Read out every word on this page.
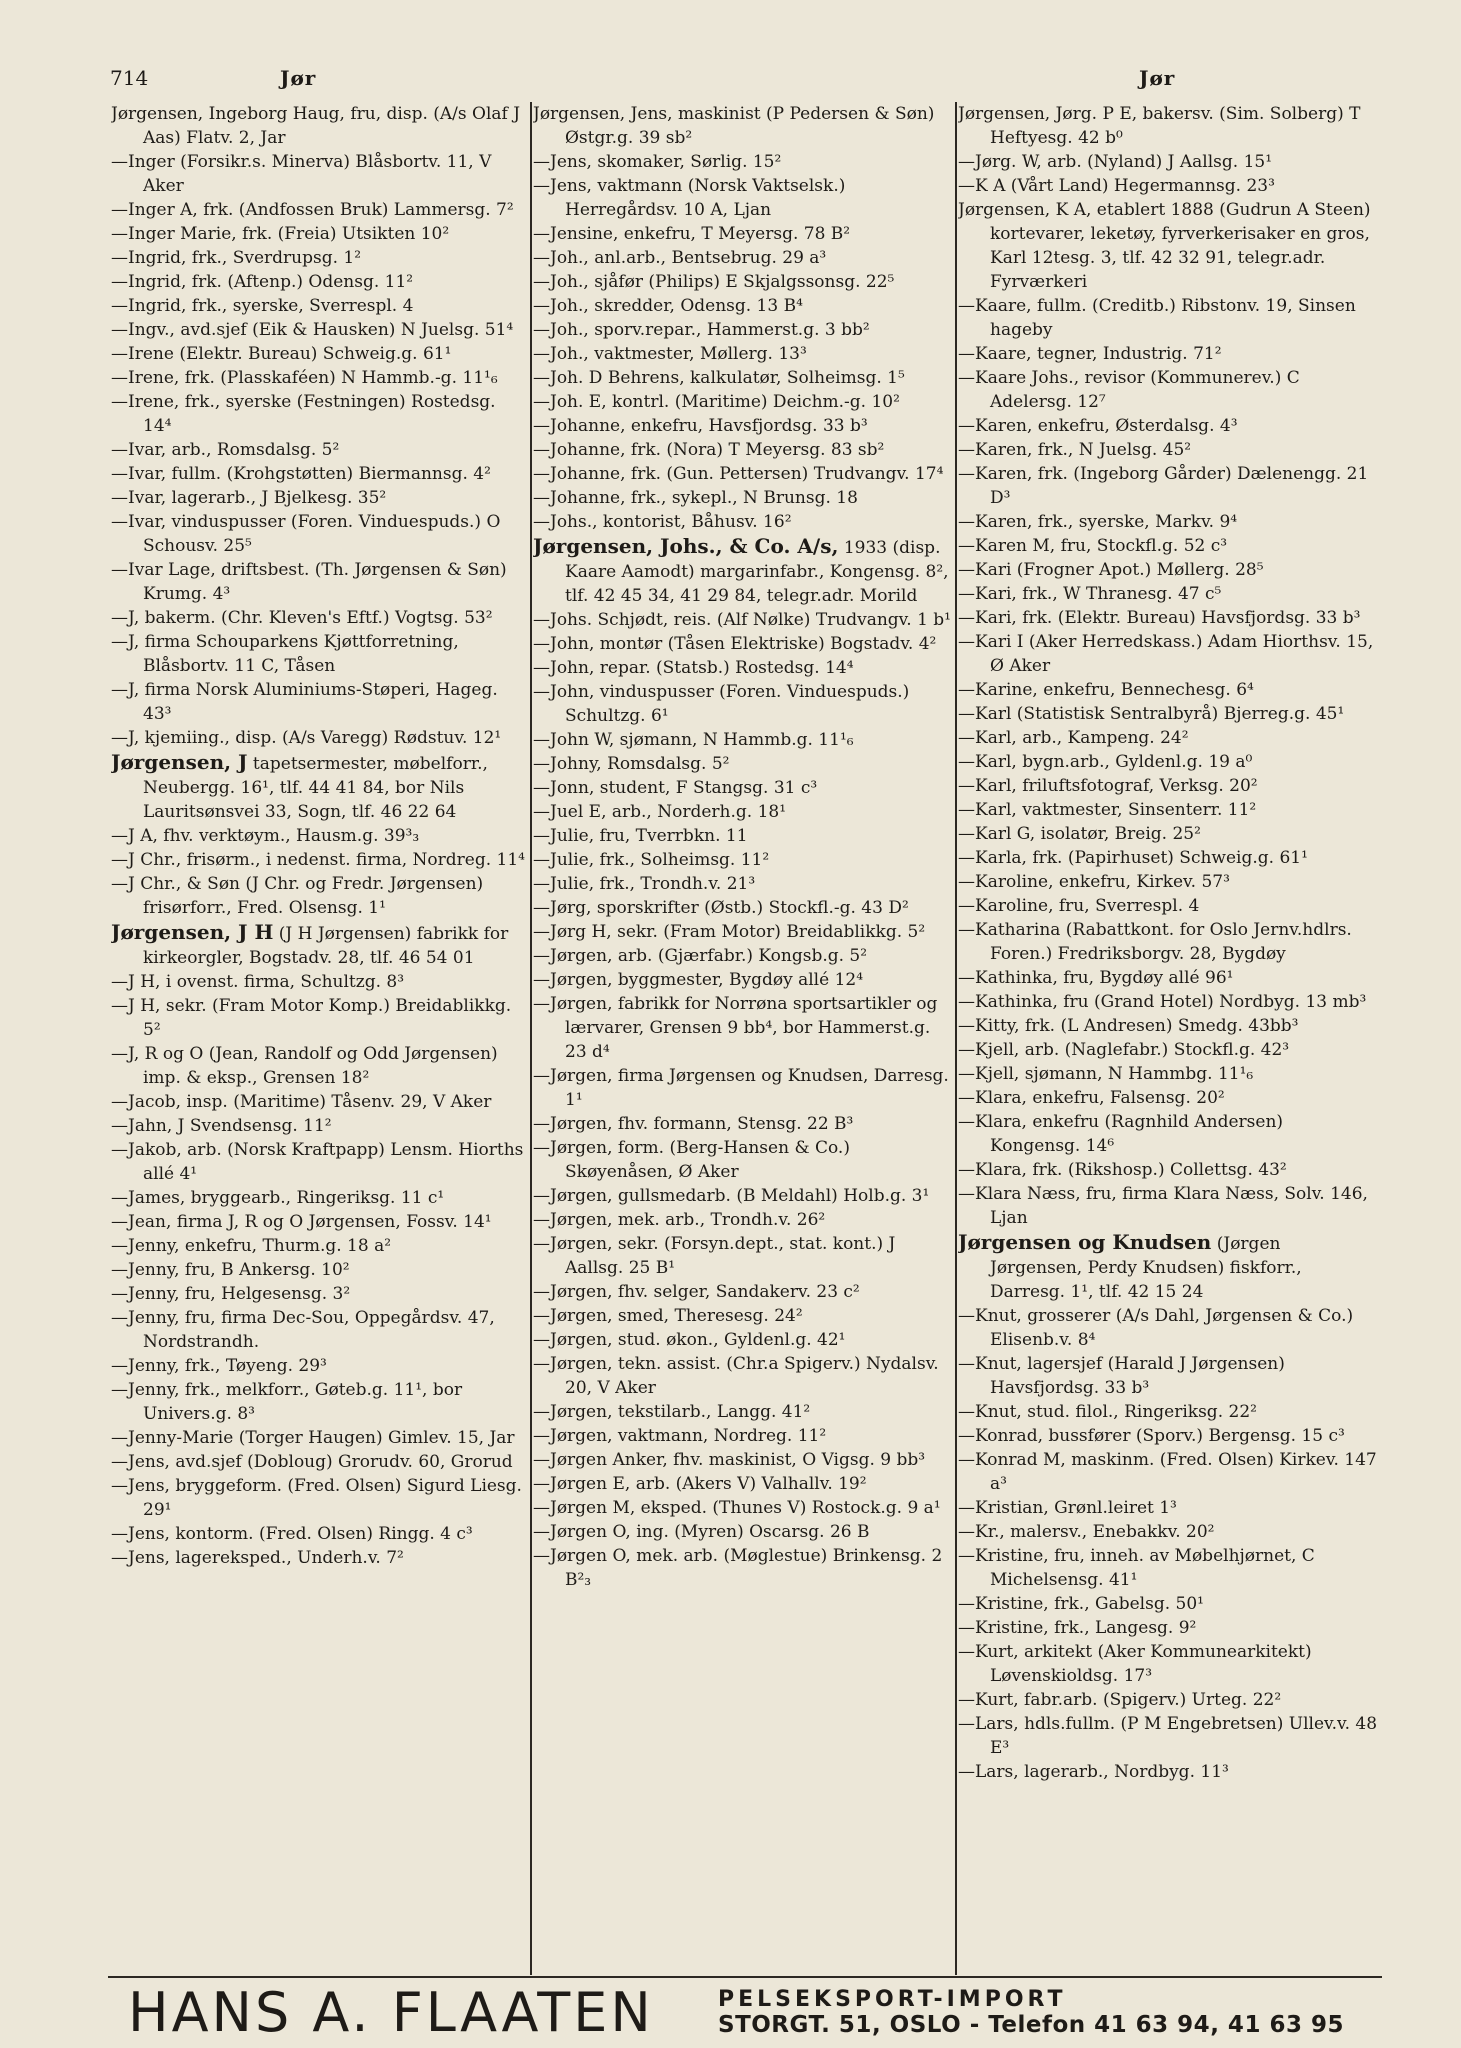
714	Jør	Jør

Jørgensen, Ingeborg Haug, fru, disp. (A/s Olaf J Aas) Flatv. 2, Jar

—Inger (Forsikr.s. Minerva) Blåsbortv. 11, V Aker

—Inger A, frk. (Andfossen Bruk) Lammersg. 7²

—Inger Marie, frk. (Freia) Utsikten 10²

—Ingrid, frk., Sverdrupsg. 1²

—Ingrid, frk. (Aftenp.) Odensg. 11²

—Ingrid, frk., syerske, Sverrespl. 4

—Ingv., avd.sjef (Eik & Hausken) N Juelsg. 51⁴

—Irene (Elektr. Bureau) Schweig.g. 61¹

—Irene, frk. (Plasskaféen) N Hammb.-g. 11¹₆

—Irene, frk., syerske (Festningen) Rostedsg. 14⁴

—Ivar, arb., Romsdalsg. 5²

—Ivar, fullm. (Krohgstøtten) Biermannsg. 4²

—Ivar, lagerarb., J Bjelkesg. 35²

—Ivar, vinduspusser (Foren. Vinduespuds.) O Schousv. 25⁵

—Ivar Lage, driftsbest. (Th. Jørgensen & Søn) Krumg. 4³

—J, bakerm. (Chr. Kleven's Eftf.) Vogtsg. 53²

—J, firma Schouparkens Kjøttforretning, Blåsbortv. 11 C, Tåsen

—J, firma Norsk Aluminiums-Støperi, Hageg. 43³

—J, kjemiing., disp. (A/s Varegg) Rødstuv. 12¹

Jørgensen, J tapetsermester, møbelforr., Neubergg. 16¹, tlf. 44 41 84, bor Nils Lauritsønsvei 33, Sogn, tlf. 46 22 64

—J A, fhv. verktøym., Hausm.g. 39³₃

—J Chr., frisørm., i nedenst. firma, Nordreg. 11⁴

—J Chr., & Søn (J Chr. og Fredr. Jørgensen) frisørforr., Fred. Olsensg. 1¹

Jørgensen, J H (J H Jørgensen) fabrikk for kirkeorgler, Bogstadv. 28, tlf. 46 54 01

—J H, i ovenst. firma, Schultzg. 8³

—J H, sekr. (Fram Motor Komp.) Breidablikkg. 5²

—J, R og O (Jean, Randolf og Odd Jørgensen) imp. & eksp., Grensen 18²

—Jacob, insp. (Maritime) Tåsenv. 29, V Aker

—Jahn, J Svendsensg. 11²

—Jakob, arb. (Norsk Kraftpapp) Lensm. Hiorths allé 4¹

—James, bryggearb., Ringeriksg. 11 c¹

—Jean, firma J, R og O Jørgensen, Fossv. 14¹

—Jenny, enkefru, Thurm.g. 18 a²

—Jenny, fru, B Ankersg. 10²

—Jenny, fru, Helgesensg. 3²

—Jenny, fru, firma Dec-Sou, Oppegårdsv. 47, Nordstrandh.

—Jenny, frk., Tøyeng. 29³

—Jenny, frk., melkforr., Gøteb.g. 11¹, bor Univers.g. 8³

—Jenny-Marie (Torger Haugen) Gimlev. 15, Jar

—Jens, avd.sjef (Dobloug) Grorudv. 60, Grorud

—Jens, bryggeform. (Fred. Olsen) Sigurd Liesg. 29¹

—Jens, kontorm. (Fred. Olsen) Ringg. 4 c³

—Jens, lagereksped., Underh.v. 7²

Jørgensen, Jens, maskinist (P Pedersen & Søn) Østgr.g. 39 sb²

—Jens, skomaker, Sørlig. 15²

—Jens, vaktmann (Norsk Vaktselsk.) Herregårdsv. 10 A, Ljan

—Jensine, enkefru, T Meyersg. 78 B²

—Joh., anl.arb., Bentsebrug. 29 a³

—Joh., sjåfør (Philips) E Skjalgssonsg. 22⁵

—Joh., skredder, Odensg. 13 B⁴

—Joh., sporv.repar., Hammerst.g. 3 bb²

—Joh., vaktmester, Møllerg. 13³

—Joh. D Behrens, kalkulatør, Solheimsg. 1⁵

—Joh. E, kontrl. (Maritime) Deichm.-g. 10²

—Johanne, enkefru, Havsfjordsg. 33 b³

—Johanne, frk. (Nora) T Meyersg. 83 sb²

—Johanne, frk. (Gun. Pettersen) Trudvangv. 17⁴

—Johanne, frk., sykepl., N Brunsg. 18

—Johs., kontorist, Båhusv. 16²

Jørgensen, Johs., & Co. A/s, 1933 (disp. Kaare Aamodt) margarinfabr., Kongensg. 8², tlf. 42 45 34, 41 29 84, telegr.adr. Morild

—Johs. Schjødt, reis. (Alf Nølke) Trudvangv. 1 b¹

—John, montør (Tåsen Elektriske) Bogstadv. 4²

—John, repar. (Statsb.) Rostedsg. 14⁴

—John, vinduspusser (Foren. Vinduespuds.) Schultzg. 6¹

—John W, sjømann, N Hammb.g. 11¹₆

—Johny, Romsdalsg. 5²

—Jonn, student, F Stangsg. 31 c³

—Juel E, arb., Norderh.g. 18¹

—Julie, fru, Tverrbkn. 11

—Julie, frk., Solheimsg. 11²

—Julie, frk., Trondh.v. 21³

—Jørg, sporskrifter (Østb.) Stockfl.-g. 43 D²

—Jørg H, sekr. (Fram Motor) Breidablikkg. 5²

—Jørgen, arb. (Gjærfabr.) Kongsb.g. 5²

—Jørgen, byggmester, Bygdøy allé 12⁴

—Jørgen, fabrikk for Norrøna sportsartikler og lærvarer, Grensen 9 bb⁴, bor Hammerst.g. 23 d⁴

—Jørgen, firma Jørgensen og Knudsen, Darresg. 1¹

—Jørgen, fhv. formann, Stensg. 22 B³

—Jørgen, form. (Berg-Hansen & Co.) Skøyenåsen, Ø Aker

—Jørgen, gullsmedarb. (B Meldahl) Holb.g. 3¹

—Jørgen, mek. arb., Trondh.v. 26²

—Jørgen, sekr. (Forsyn.dept., stat. kont.) J Aallsg. 25 B¹

—Jørgen, fhv. selger, Sandakerv. 23 c²

—Jørgen, smed, Theresesg. 24²

—Jørgen, stud. økon., Gyldenl.g. 42¹

—Jørgen, tekn. assist. (Chr.a Spigerv.) Nydalsv. 20, V Aker

—Jørgen, tekstilarb., Langg. 41²

—Jørgen, vaktmann, Nordreg. 11²

—Jørgen Anker, fhv. maskinist, O Vigsg. 9 bb³

—Jørgen E, arb. (Akers V) Valhallv. 19²

—Jørgen M, eksped. (Thunes V) Rostock.g. 9 a¹

—Jørgen O, ing. (Myren) Oscarsg. 26 B

—Jørgen O, mek. arb. (Møglestue) Brinkensg. 2 B²₃

Jørgensen, Jørg. P E, bakersv. (Sim. Solberg) T Heftyesg. 42 b⁰

—Jørg. W, arb. (Nyland) J Aallsg. 15¹

—K A (Vårt Land) Hegermannsg. 23³

Jørgensen, K A, etablert 1888 (Gudrun A Steen) kortevarer, leketøy, fyrverkerisaker en gros, Karl 12tesg. 3, tlf. 42 32 91, telegr.adr. Fyrværkeri

—Kaare, fullm. (Creditb.) Ribstonv. 19, Sinsen hageby

—Kaare, tegner, Industrig. 71²

—Kaare Johs., revisor (Kommunerev.) C Adelersg. 12⁷

—Karen, enkefru, Østerdalsg. 4³

—Karen, frk., N Juelsg. 45²

—Karen, frk. (Ingeborg Gårder) Dælenengg. 21 D³

—Karen, frk., syerske, Markv. 9⁴

—Karen M, fru, Stockfl.g. 52 c³

—Kari (Frogner Apot.) Møllerg. 28⁵

—Kari, frk., W Thranesg. 47 c⁵

—Kari, frk. (Elektr. Bureau) Havsfjordsg. 33 b³

—Kari I (Aker Herredskass.) Adam Hiorthsv. 15, Ø Aker

—Karine, enkefru, Bennechesg. 6⁴

—Karl (Statistisk Sentralbyrå) Bjerreg.g. 45¹

—Karl, arb., Kampeng. 24²

—Karl, bygn.arb., Gyldenl.g. 19 a⁰

—Karl, friluftsfotograf, Verksg. 20²

—Karl, vaktmester, Sinsenterr. 11²

—Karl G, isolatør, Breig. 25²

—Karla, frk. (Papirhuset) Schweig.g. 61¹

—Karoline, enkefru, Kirkev. 57³

—Karoline, fru, Sverrespl. 4

—Katharina (Rabattkont. for Oslo Jernv.hdlrs. Foren.) Fredriksborgv. 28, Bygdøy

—Kathinka, fru, Bygdøy allé 96¹

—Kathinka, fru (Grand Hotel) Nordbyg. 13 mb³

—Kitty, frk. (L Andresen) Smedg. 43bb³

—Kjell, arb. (Naglefabr.) Stockfl.g. 42³

—Kjell, sjømann, N Hammbg. 11¹₆

—Klara, enkefru, Falsensg. 20²

—Klara, enkefru (Ragnhild Andersen) Kongensg. 14⁶

—Klara, frk. (Rikshosp.) Collettsg. 43²

—Klara Næss, fru, firma Klara Næss, Solv. 146, Ljan

Jørgensen og Knudsen (Jørgen Jørgensen, Perdy Knudsen) fiskforr., Darresg. 1¹, tlf. 42 15 24

—Knut, grosserer (A/s Dahl, Jørgensen & Co.) Elisenb.v. 8⁴

—Knut, lagersjef (Harald J Jørgensen) Havsfjordsg. 33 b³

—Knut, stud. filol., Ringeriksg. 22²

—Konrad, bussfører (Sporv.) Bergensg. 15 c³

—Konrad M, maskinm. (Fred. Olsen) Kirkev. 147 a³

—Kristian, Grønl.leiret 1³

—Kr., malersv., Enebakkv. 20²

—Kristine, fru, inneh. av Møbelhjørnet, C Michelsensg. 41¹

—Kristine, frk., Gabelsg. 50¹

—Kristine, frk., Langesg. 9²

—Kurt, arkitekt (Aker Kommunearkitekt) Løvenskioldsg. 17³

—Kurt, fabr.arb. (Spigerv.) Urteg. 22²

—Lars, hdls.fullm. (P M Engebretsen) Ullev.v. 48 E³

—Lars, lagerarb., Nordbyg. 11³

HANS A. FLAATEN	PELSEKSPORT-IMPORT
STORGT. 51, OSLO - Telefon 41 63 94, 41 63 95
